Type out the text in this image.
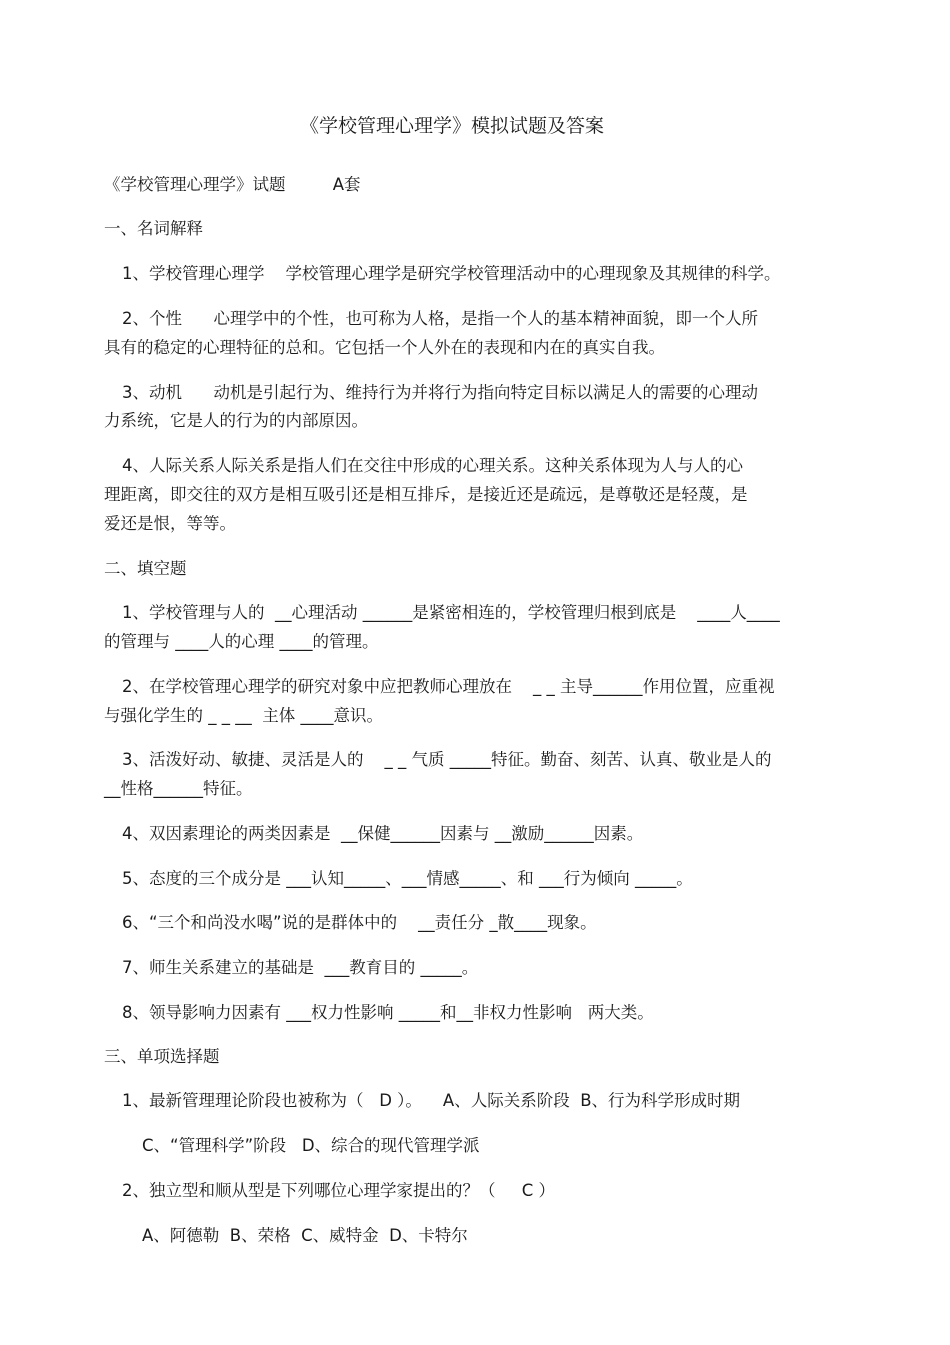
《学校管理心理学》模拟试题及答案
《学校管理心理学》试题         A套
一、名词解释
1、学校管理心理学    学校管理心理学是研究学校管理活动中的心理现象及其规律的科学。
2、个性      心理学中的个性，也可称为人格，是指一个人的基本精神面貌，即一个人所
具有的稳定的心理特征的总和。它包括一个人外在的表现和内在的真实自我。
3、动机      动机是引起行为、维持行为并将行为指向特定目标以满足人的需要的心理动
力系统，它是人的行为的内部原因。
4、人际关系人际关系是指人们在交往中形成的心理关系。这种关系体现为人与人的心
理距离，即交往的双方是相互吸引还是相互排斥，是接近还是疏远，是尊敬还是轻蔑，是
爱还是恨，等等。
二、填空题
1、学校管理与人的  __心理活动 ______是紧密相连的，学校管理归根到底是    ____人____
的管理与 ____人的心理 ____的管理。
2、在学校管理心理学的研究对象中应把教师心理放在    _ _ 主导______作用位置，应重视
与强化学生的 _ _ __  主体 ____意识。
3、活泼好动、敏捷、灵活是人的    _ _ 气质 _____特征。勤奋、刻苦、认真、敬业是人的
__性格______特征。
4、双因素理论的两类因素是  __保健______因素与 __激励______因素。
5、态度的三个成分是 ___认知_____、___情感_____、和 ___行为倾向 _____。
6、“三个和尚没水喝”说的是群体中的    __责任分 _散____现象。
7、师生关系建立的基础是  ___教育目的 _____。
8、领导影响力因素有 ___权力性影响 _____和__非权力性影响   两大类。
三、单项选择题
1、最新管理理论阶段也被称为（   D ）。    A、人际关系阶段  B、行为科学形成时期
C、“管理科学”阶段   D、综合的现代管理学派
2、独立型和顺从型是下列哪位心理学家提出的？（     C ）
A、阿德勒  B、荣格  C、威特金  D、卡特尔
